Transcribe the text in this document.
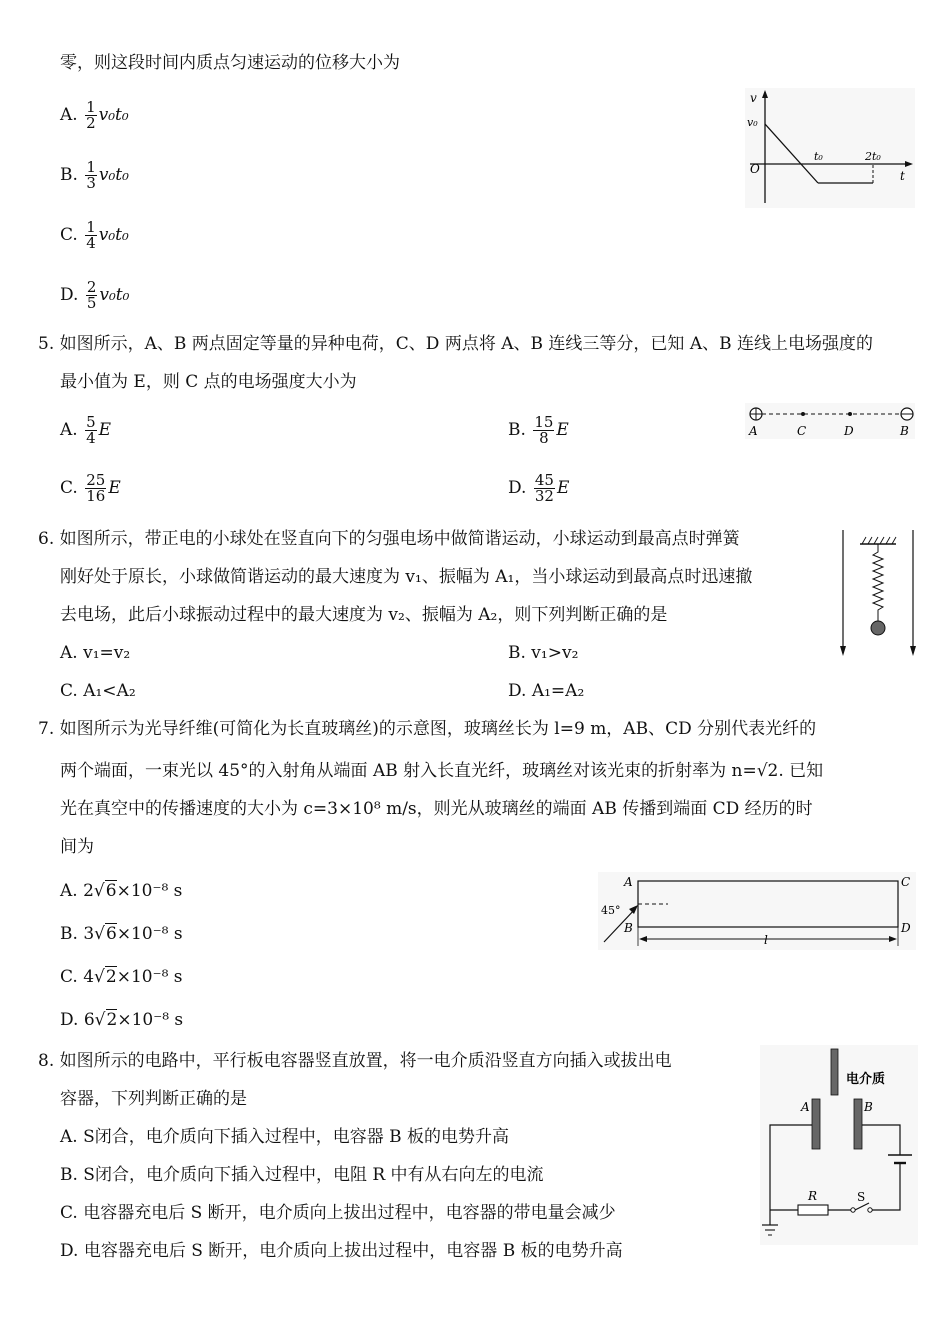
零，则这段时间内质点匀速运动的位移大小为
A. $\frac{1}{2} v_0t_0$
B. $\frac{1}{3} v_0t_0$
C. $\frac{1}{4} v_0t_0$
D. $\frac{2}{5} v_0t_0$
v
v₀
O
t₀	2t₀
t
5. 如图所示，A、B 两点固定等量的异种电荷，C、D 两点将 A、B 连线三等分，已知 A、B 连线上电场强度的
最小值为 E，则 C 点的电场强度大小为
A. $\frac{5}{4}$ E	B. $\frac{15}{8}$ E
C. $\frac{25}{16}$ E	D. $\frac{45}{32}$ E
A	C	D	B
6. 如图所示，带正电的小球处在竖直向下的匀强电场中做简谐运动，小球运动到最高点时弹簧
刚好处于原长，小球做简谐运动的最大速度为 v₁、振幅为 A₁，当小球运动到最高点时迅速撤
去电场，此后小球振动过程中的最大速度为 v₂、振幅为 A₂，则下列判断正确的是
A. v₁=v₂	B. v₁>v₂
C. A₁<A₂	D. A₁=A₂
7. 如图所示为光导纤维(可简化为长直玻璃丝)的示意图，玻璃丝长为 l=9 m，AB、CD 分别代表光纤的
两个端面，一束光以 45°的入射角从端面 AB 射入长直光纤，玻璃丝对该光束的折射率为 n=√2. 已知
光在真空中的传播速度的大小为 c=3×10⁸ m/s，则光从玻璃丝的端面 AB 传播到端面 CD 经历的时
间为
A. 2√6×10⁻⁸ s
B. 3√6×10⁻⁸ s
C. 4√2×10⁻⁸ s
D. 6√2×10⁻⁸ s
A
B
C
D
45°
l
8. 如图所示的电路中，平行板电容器竖直放置，将一电介质沿竖直方向插入或拔出电
容器，下列判断正确的是
A. S闭合，电介质向下插入过程中，电容器 B 板的电势升高
B. S闭合，电介质向下插入过程中，电阻 R 中有从右向左的电流
C. 电容器充电后 S 断开，电介质向上拔出过程中，电容器的带电量会减少
D. 电容器充电后 S 断开，电介质向上拔出过程中，电容器 B 板的电势升高
电介质
A	B
S
R
